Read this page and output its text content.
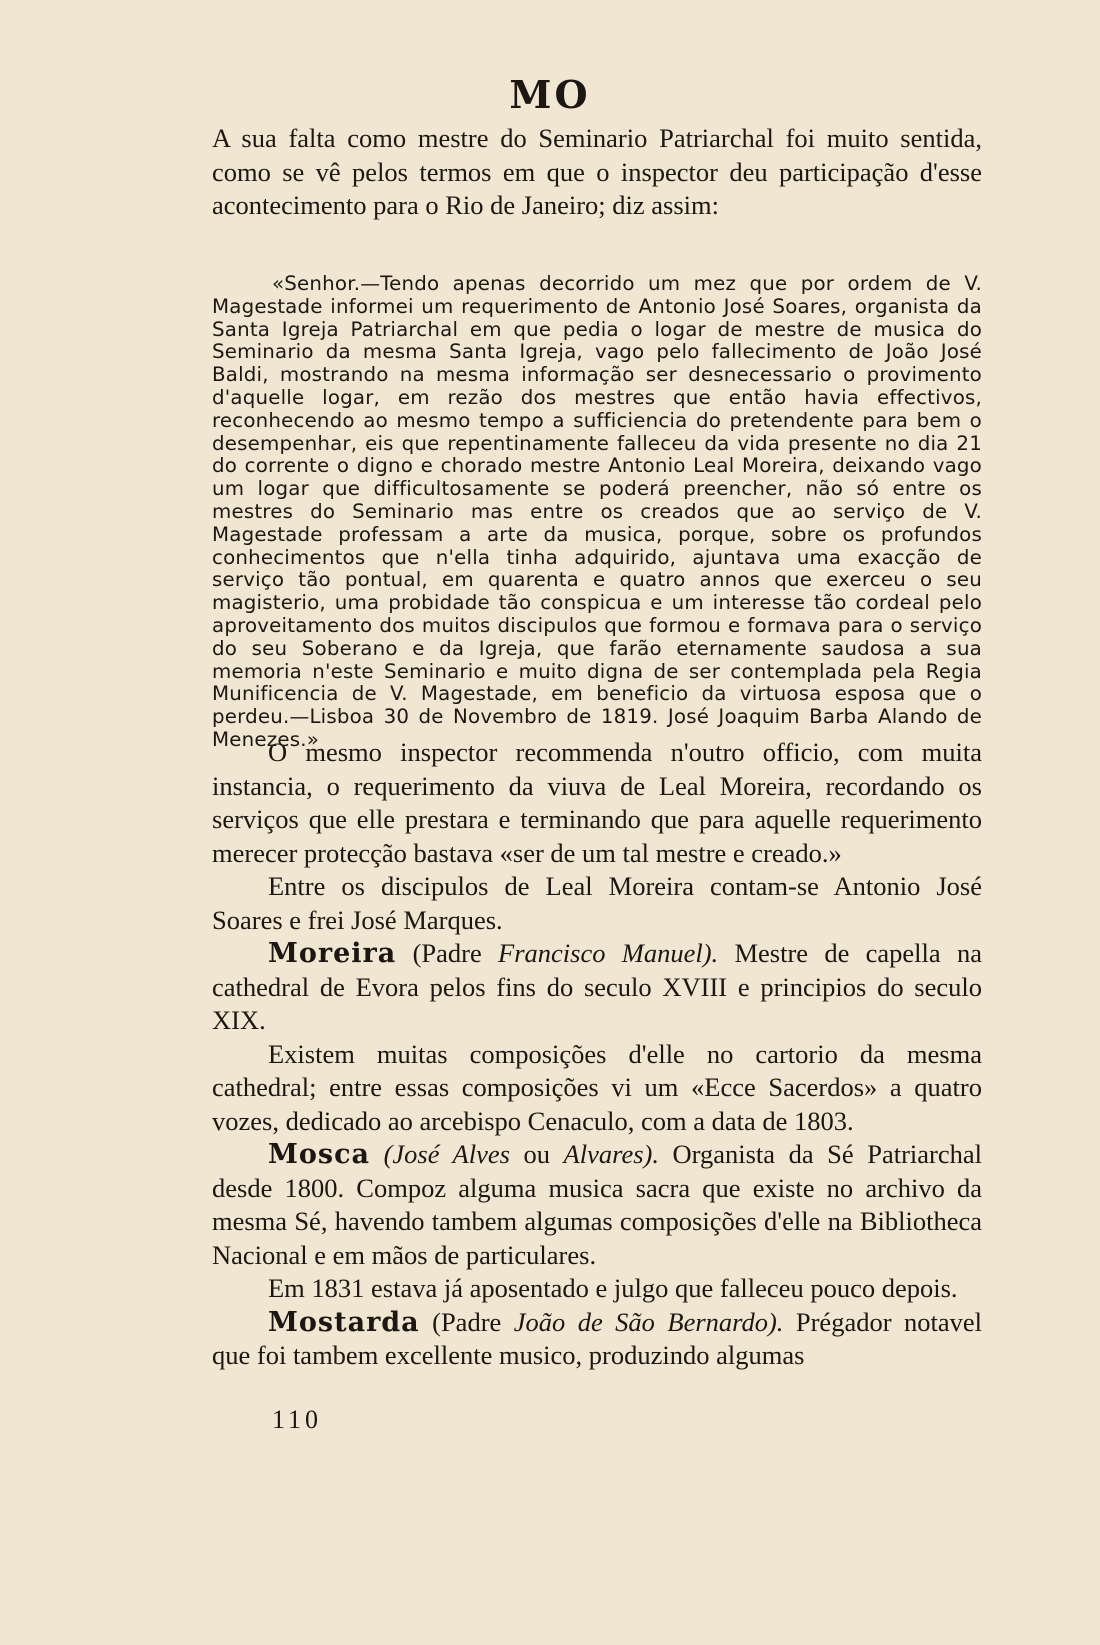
MO

A sua falta como mestre do Seminario Patriarchal foi muito sentida, como se vê pelos termos em que o inspector deu participação d'esse acontecimento para o Rio de Janeiro; diz assim:

«Senhor.—Tendo apenas decorrido um mez que por ordem de V. Magestade informei um requerimento de Antonio José Soares, organista da Santa Igreja Patriarchal em que pedia o logar de mestre de musica do Seminario da mesma Santa Igreja, vago pelo fallecimento de João José Baldi, mostrando na mesma informação ser desnecessario o provimento d'aquelle logar, em rezão dos mestres que então havia effectivos, reconhecendo ao mesmo tempo a sufficiencia do pretendente para bem o desempenhar, eis que repentinamente falleceu da vida presente no dia 21 do corrente o digno e chorado mestre Antonio Leal Moreira, deixando vago um logar que difficultosamente se poderá preencher, não só entre os mestres do Seminario mas entre os creados que ao serviço de V. Magestade professam a arte da musica, porque, sobre os profundos conhecimentos que n'ella tinha adquirido, ajuntava uma exacção de serviço tão pontual, em quarenta e quatro annos que exerceu o seu magisterio, uma probidade tão conspicua e um interesse tão cordeal pelo aproveitamento dos muitos discipulos que formou e formava para o serviço do seu Soberano e da Igreja, que farão eternamente saudosa a sua memoria n'este Seminario e muito digna de ser contemplada pela Regia Munificencia de V. Magestade, em beneficio da virtuosa esposa que o perdeu.—Lisboa 30 de Novembro de 1819. José Joaquim Barba Alando de Menezes.»

O mesmo inspector recommenda n'outro officio, com muita instancia, o requerimento da viuva de Leal Moreira, recordando os serviços que elle prestara e terminando que para aquelle requerimento merecer protecção bastava «ser de um tal mestre e creado.»

Entre os discipulos de Leal Moreira contam-se Antonio José Soares e frei José Marques.

Moreira (Padre Francisco Manuel). Mestre de capella na cathedral de Evora pelos fins do seculo XVIII e principios do seculo XIX.

Existem muitas composições d'elle no cartorio da mesma cathedral; entre essas composições vi um «Ecce Sacerdos» a quatro vozes, dedicado ao arcebispo Cenaculo, com a data de 1803.

Mosca (José Alves ou Alvares). Organista da Sé Patriarchal desde 1800. Compoz alguma musica sacra que existe no archivo da mesma Sé, havendo tambem algumas composições d'elle na Bibliotheca Nacional e em mãos de particulares.

Em 1831 estava já aposentado e julgo que falleceu pouco depois.

Mostarda (Padre João de São Bernardo). Prégador notavel que foi tambem excellente musico, produzindo algumas

110
